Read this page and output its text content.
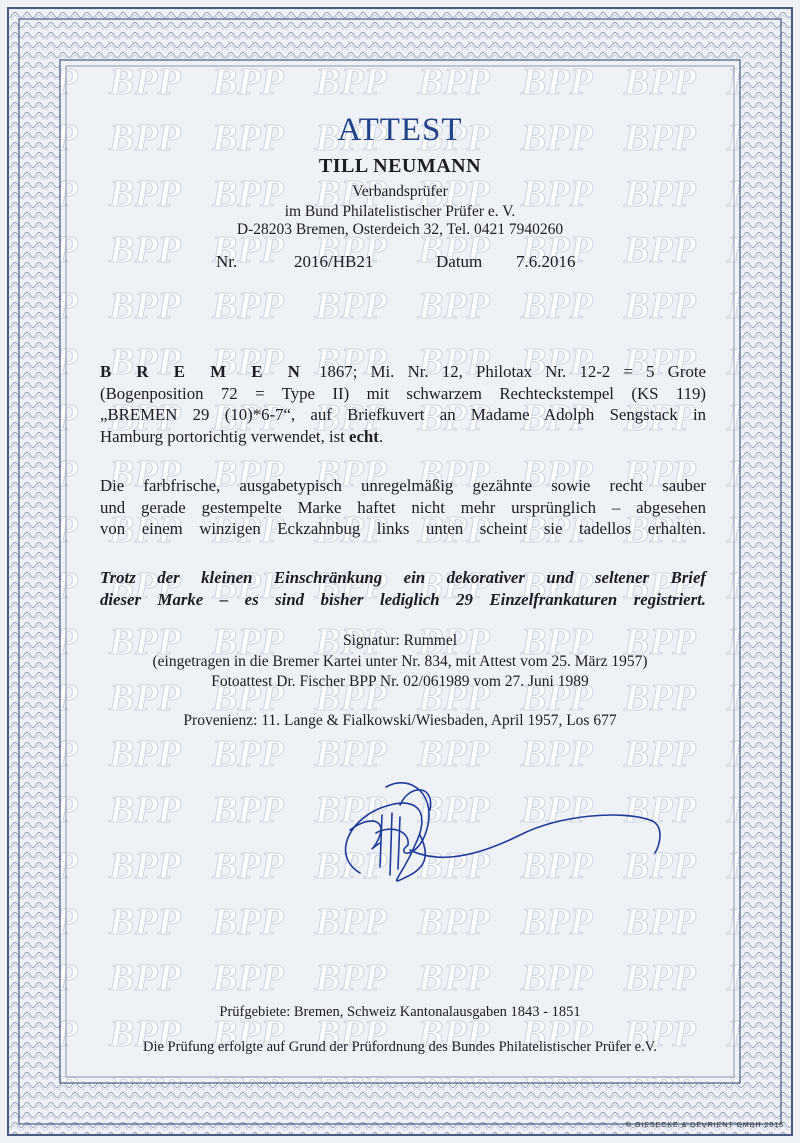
ATTEST
TILL NEUMANN
Verbandsprüfer
im Bund Philatelistischer Prüfer e. V.
D-28203 Bremen, Osterdeich 32, Tel. 0421 7940260
Nr.	2016/HB21	Datum 7.6.2016
B R E M E N 1867; Mi. Nr. 12, Philotax Nr. 12-2 = 5 Grote
(Bogenposition 72 = Type II) mit schwarzem Rechteckstempel (KS 119)
„BREMEN 29 (10)*6-7“, auf Briefkuvert an Madame Adolph Sengstack in
Hamburg portorichtig verwendet, ist echt.
Die farbfrische, ausgabetypisch unregelmäßig gezähnte sowie recht sauber
und gerade gestempelte Marke haftet nicht mehr ursprünglich – abgesehen
von einem winzigen Eckzahnbug links unten scheint sie tadellos erhalten.
Trotz der kleinen Einschränkung ein dekorativer und seltener Brief
dieser Marke – es sind bisher lediglich 29 Einzelfrankaturen registriert.
Signatur: Rummel
(eingetragen in die Bremer Kartei unter Nr. 834, mit Attest vom 25. März 1957)
Fotoattest Dr. Fischer BPP Nr. 02/061989 vom 27. Juni 1989
Provenienz: 11. Lange & Fialkowski/Wiesbaden, April 1957, Los 677
Prüfgebiete: Bremen, Schweiz Kantonalausgaben 1843 - 1851
Die Prüfung erfolgte auf Grund der Prüfordnung des Bundes Philatelistischer Prüfer e.V.
© GIESECKE & DEVRIENT GMBH 2015
